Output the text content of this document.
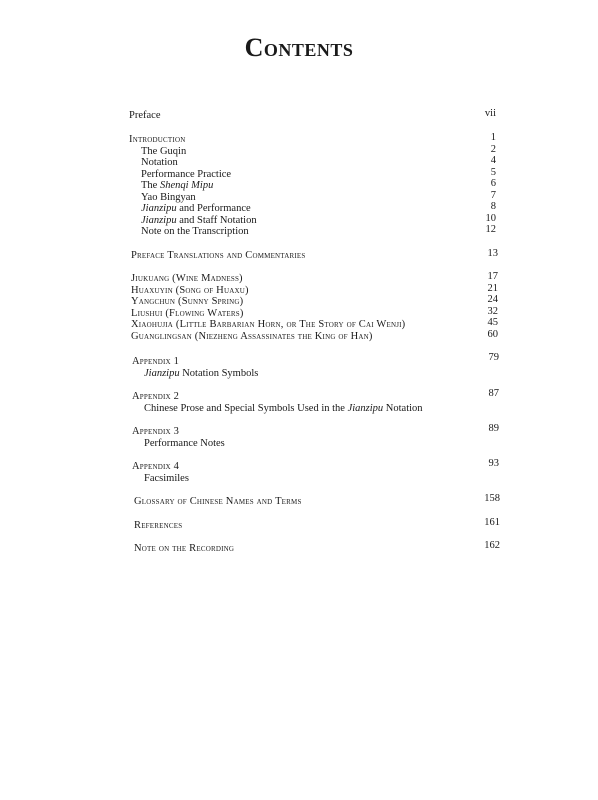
Contents
Preface	vii
Introduction	1
The Guqin	2
Notation	4
Performance Practice	5
The Shenqi Mipu	6
Yao Bingyan	7
Jianzipu and Performance	8
Jianzipu and Staff Notation	10
Note on the Transcription	12
Preface Translations and Commentaries	13
Jiukuang (Wine Madness)	17
Huaxuyin (Song of Huaxu)	21
Yangchun (Sunny Spring)	24
Liushui (Flowing Waters)	32
Xiaohujia (Little Barbarian Horn, or The Story of Cai Wenji)	45
Guanglingsan (Niezheng Assassinates the King of Han)	60
Appendix 1	79
Jianzipu Notation Symbols
Appendix 2	87
Chinese Prose and Special Symbols Used in the Jianzipu Notation
Appendix 3	89
Performance Notes
Appendix 4	93
Facsimiles
Glossary of Chinese Names and Terms	158
References	161
Note on the Recording	162
